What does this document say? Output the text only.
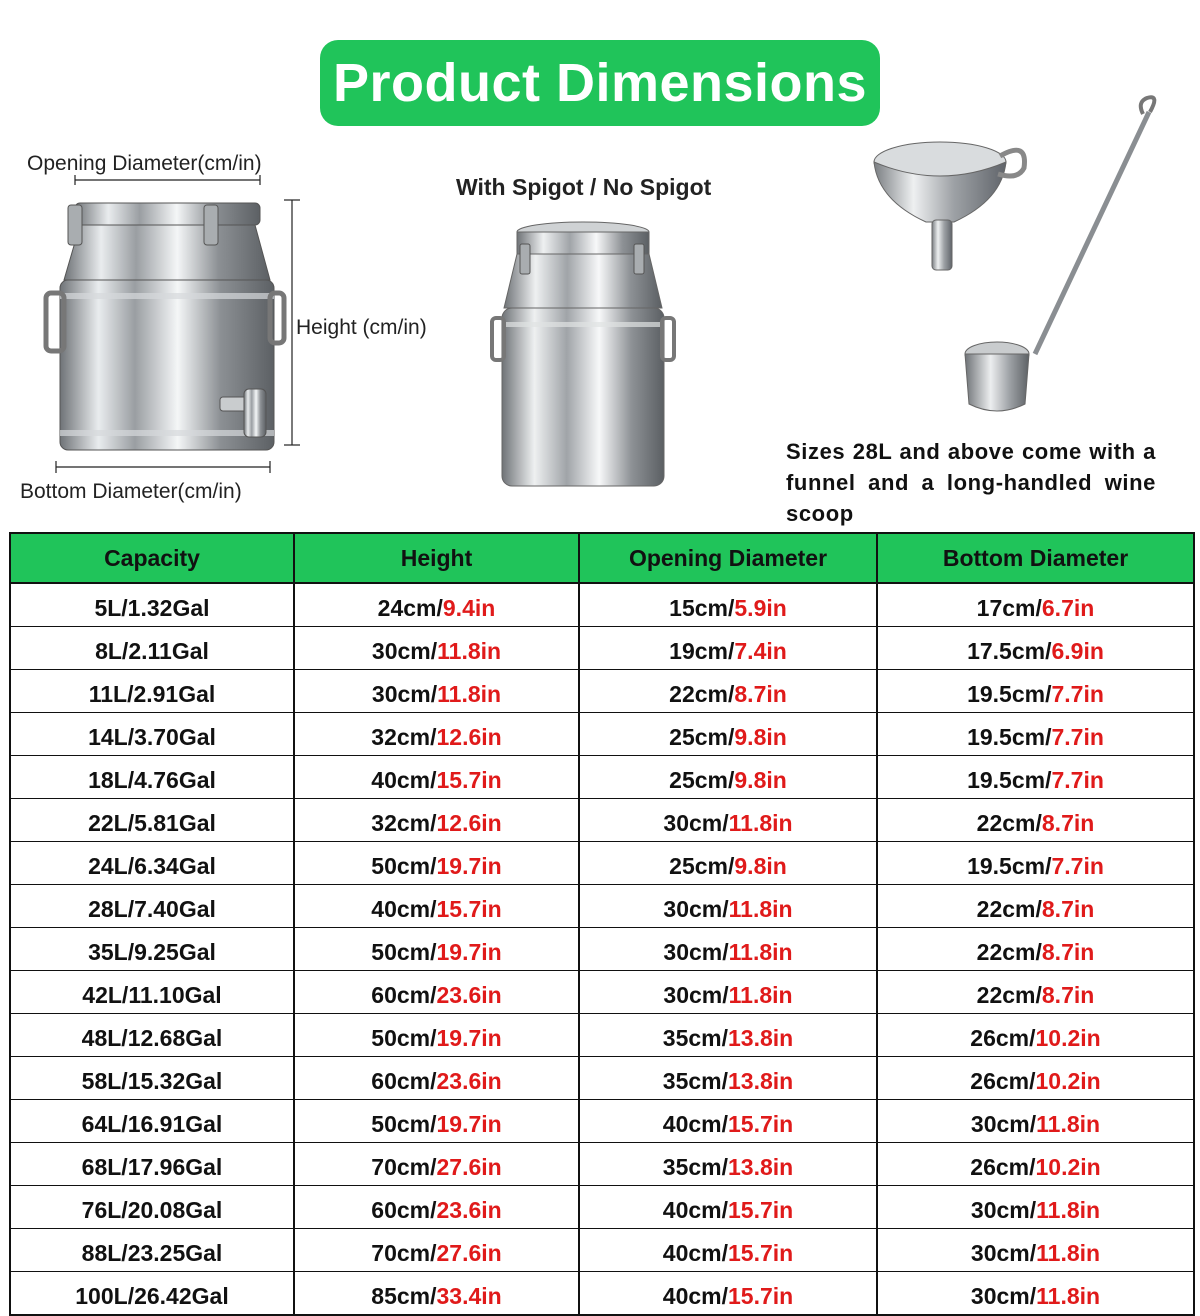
Product Dimensions
Opening Diameter(cm/in)
Height (cm/in)
Bottom Diameter(cm/in)
With Spigot / No Spigot
Sizes 28L and above come with a funnel and a long-handled wine scoop
Capacity	Height	Opening Diameter	Bottom Diameter
5L/1.32Gal	24cm/9.4in	15cm/5.9in	17cm/6.7in
8L/2.11Gal	30cm/11.8in	19cm/7.4in	17.5cm/6.9in
11L/2.91Gal	30cm/11.8in	22cm/8.7in	19.5cm/7.7in
14L/3.70Gal	32cm/12.6in	25cm/9.8in	19.5cm/7.7in
18L/4.76Gal	40cm/15.7in	25cm/9.8in	19.5cm/7.7in
22L/5.81Gal	32cm/12.6in	30cm/11.8in	22cm/8.7in
24L/6.34Gal	50cm/19.7in	25cm/9.8in	19.5cm/7.7in
28L/7.40Gal	40cm/15.7in	30cm/11.8in	22cm/8.7in
35L/9.25Gal	50cm/19.7in	30cm/11.8in	22cm/8.7in
42L/11.10Gal	60cm/23.6in	30cm/11.8in	22cm/8.7in
48L/12.68Gal	50cm/19.7in	35cm/13.8in	26cm/10.2in
58L/15.32Gal	60cm/23.6in	35cm/13.8in	26cm/10.2in
64L/16.91Gal	50cm/19.7in	40cm/15.7in	30cm/11.8in
68L/17.96Gal	70cm/27.6in	35cm/13.8in	26cm/10.2in
76L/20.08Gal	60cm/23.6in	40cm/15.7in	30cm/11.8in
88L/23.25Gal	70cm/27.6in	40cm/15.7in	30cm/11.8in
100L/26.42Gal	85cm/33.4in	40cm/15.7in	30cm/11.8in
